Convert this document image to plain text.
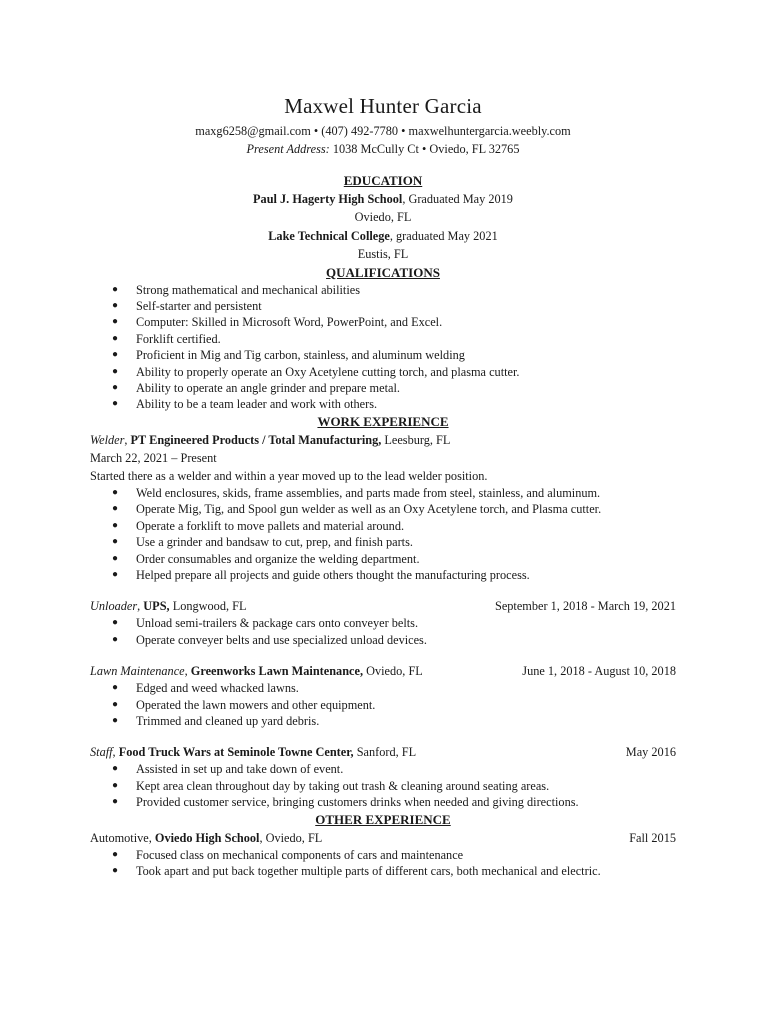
Maxwel Hunter Garcia

maxg6258@gmail.com • (407) 492-7780 • maxwelhuntergarcia.weebly.com

Present Address: 1038 McCully Ct • Oviedo, FL 32765

EDUCATION

Paul J. Hagerty High School, Graduated May 2019

Oviedo, FL

Lake Technical College, graduated May 2021

Eustis, FL

QUALIFICATIONS

● Strong mathematical and mechanical abilities
● Self-starter and persistent
● Computer: Skilled in Microsoft Word, PowerPoint, and Excel.
● Forklift certified.
● Proficient in Mig and Tig carbon, stainless, and aluminum welding
● Ability to properly operate an Oxy Acetylene cutting torch, and plasma cutter.
● Ability to operate an angle grinder and prepare metal.
● Ability to be a team leader and work with others.

WORK EXPERIENCE

Welder, PT Engineered Products / Total Manufacturing, Leesburg, FL

March 22, 2021 – Present

Started there as a welder and within a year moved up to the lead welder position.

● Weld enclosures, skids, frame assemblies, and parts made from steel, stainless, and aluminum.
● Operate Mig, Tig, and Spool gun welder as well as an Oxy Acetylene torch, and Plasma cutter.
● Operate a forklift to move pallets and material around.
● Use a grinder and bandsaw to cut, prep, and finish parts.
● Order consumables and organize the welding department.
● Helped prepare all projects and guide others thought the manufacturing process.
Unloader, UPS, Longwood, FL	September 1, 2018 - March 19, 2021
● Unload semi-trailers & package cars onto conveyer belts.
● Operate conveyer belts and use specialized unload devices.
Lawn Maintenance, Greenworks Lawn Maintenance, Oviedo, FL	June 1, 2018 - August 10, 2018
● Edged and weed whacked lawns.
● Operated the lawn mowers and other equipment.
● Trimmed and cleaned up yard debris.
Staff, Food Truck Wars at Seminole Towne Center, Sanford, FL	May 2016
● Assisted in set up and take down of event.
● Kept area clean throughout day by taking out trash & cleaning around seating areas.
● Provided customer service, bringing customers drinks when needed and giving directions.

OTHER EXPERIENCE

Automotive, Oviedo High School, Oviedo, FL	Fall 2015
● Focused class on mechanical components of cars and maintenance
● Took apart and put back together multiple parts of different cars, both mechanical and electric.
